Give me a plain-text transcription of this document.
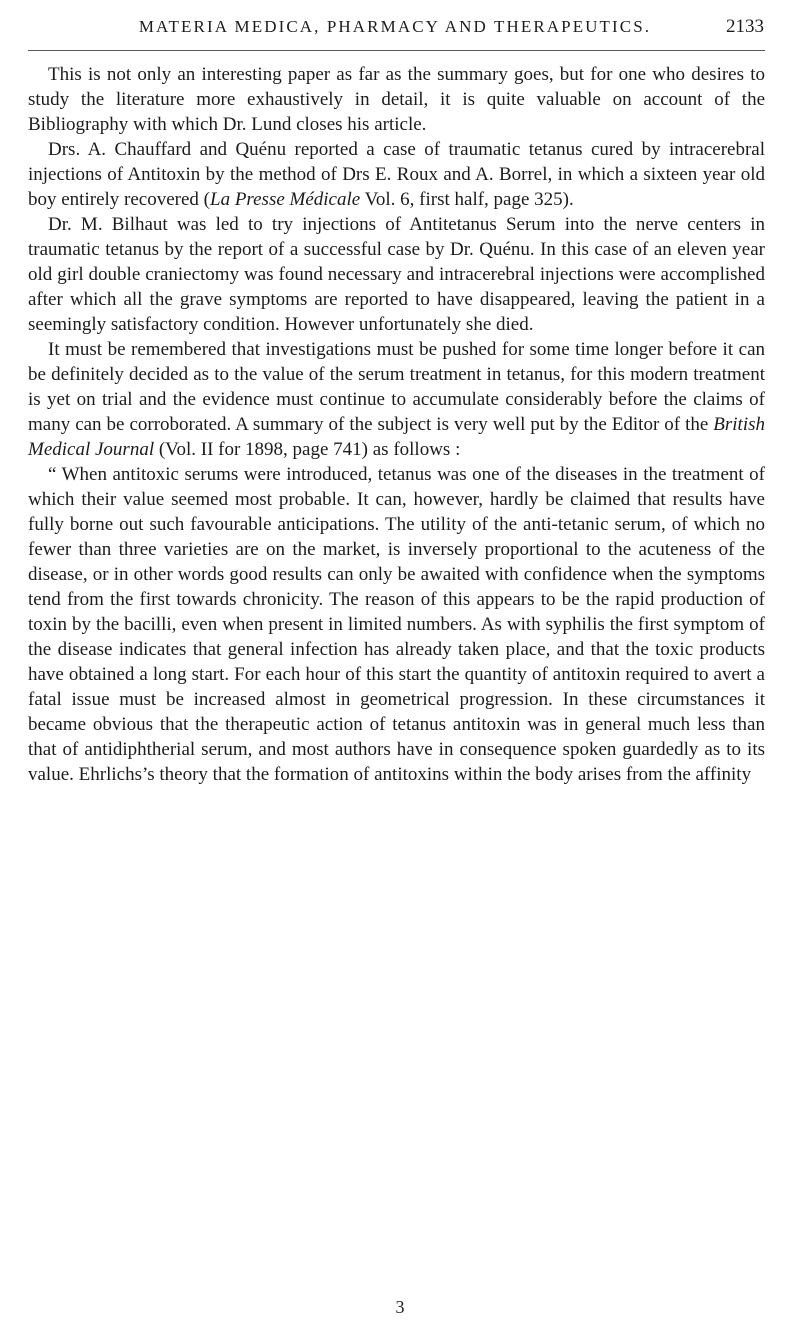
MATERIA MEDICA, PHARMACY AND THERAPEUTICS.	2133

This is not only an interesting paper as far as the summary goes, but for one who desires to study the literature more exhaustively in detail, it is quite valuable on account of the Bibliography with which Dr. Lund closes his article.

Drs. A. Chauffard and Quénu reported a case of traumatic tetanus cured by intracerebral injections of Antitoxin by the method of Drs E. Roux and A. Borrel, in which a sixteen year old boy entirely recovered (La Presse Médicale Vol. 6, first half, page 325).

Dr. M. Bilhaut was led to try injections of Antitetanus Serum into the nerve centers in traumatic tetanus by the report of a successful case by Dr. Quénu. In this case of an eleven year old girl double craniectomy was found necessary and intracerebral injections were accomplished after which all the grave symptoms are reported to have disappeared, leaving the patient in a seemingly satisfactory condition. However unfortunately she died.

It must be remembered that investigations must be pushed for some time longer before it can be definitely decided as to the value of the serum treatment in tetanus, for this modern treatment is yet on trial and the evidence must continue to accumulate considerably before the claims of many can be corroborated. A summary of the subject is very well put by the Editor of the British Medical Journal (Vol. II for 1898, page 741) as follows :

“ When antitoxic serums were introduced, tetanus was one of the diseases in the treatment of which their value seemed most probable. It can, however, hardly be claimed that results have fully borne out such favourable anticipations. The utility of the anti-tetanic serum, of which no fewer than three varieties are on the market, is inversely proportional to the acuteness of the disease, or in other words good results can only be awaited with confidence when the symptoms tend from the first towards chronicity. The reason of this appears to be the rapid production of toxin by the bacilli, even when present in limited numbers. As with syphilis the first symptom of the disease indicates that general infection has already taken place, and that the toxic products have obtained a long start. For each hour of this start the quantity of antitoxin required to avert a fatal issue must be increased almost in geometrical progression. In these circumstances it became obvious that the therapeutic action of tetanus antitoxin was in general much less than that of antidiphtherial serum, and most authors have in consequence spoken guardedly as to its value. Ehrlichs’s theory that the formation of antitoxins within the body arises from the affinity

3
